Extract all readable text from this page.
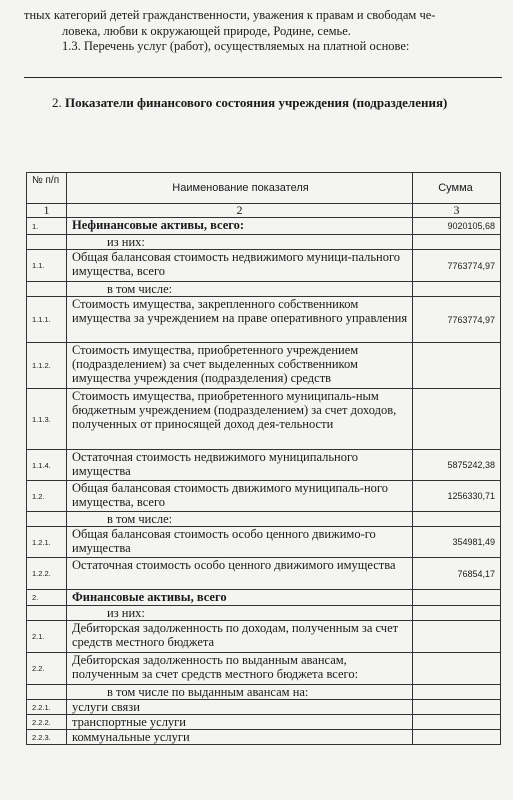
тных категорий детей гражданственности, уважения к правам и свободам че-
ловека, любви к окружающей природе, Родине, семье.
1.3. Перечень услуг (работ), осуществляемых на платной основе:
2. Показатели финансового состояния учреждения (подразделения)
№ п/п	Наименование показателя	Сумма
1	2	3
1.	Нефинансовые активы, всего:	9020105,68
	из них:	
1.1.	Общая балансовая стоимость недвижимого муници-пального имущества, всего	7763774,97
	в том числе:	
1.1.1.	Стоимость имущества, закрепленного собственником имущества за учреждением на праве оперативного управления	7763774,97
1.1.2.	Стоимость имущества, приобретенного учреждением (подразделением) за счет выделенных собственником имущества учреждения (подразделения) средств	
1.1.3.	Стоимость имущества, приобретенного муниципаль-ным бюджетным учреждением (подразделением) за счет доходов, полученных от приносящей доход дея-тельности	
1.1.4.	Остаточная стоимость недвижимого муниципального имущества	5875242,38
1.2.	Общая балансовая стоимость движимого муниципаль-ного имущества, всего	1256330,71
	в том числе:	
1.2.1.	Общая балансовая стоимость особо ценного движимо-го имущества	354981,49
1.2.2.	Остаточная стоимость особо ценного движимого имущества	76854,17
2.	Финансовые активы, всего	
	из них:	
2.1.	Дебиторская задолженность по доходам, полученным за счет средств местного бюджета	
2.2.	Дебиторская задолженность по выданным авансам, полученным за счет средств местного бюджета всего:	
	в том числе по выданным авансам на:	
2.2.1.	услуги связи	
2.2.2.	транспортные услуги	
2.2.3.	коммунальные услуги	
